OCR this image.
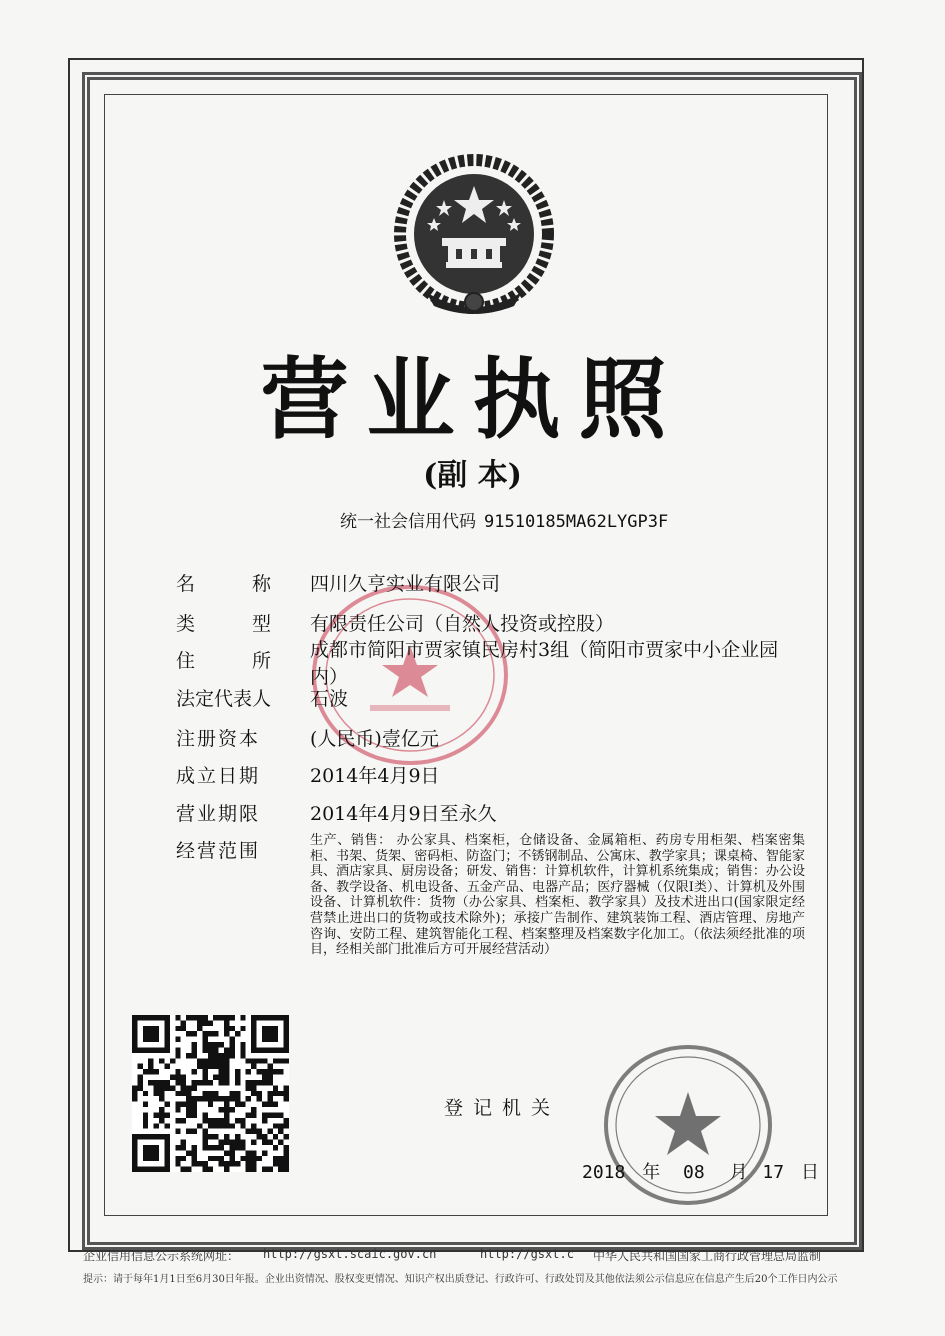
营业执照
(副 本)
统一社会信用代码 91510185MA62LYGP3F
名　　　称	四川久亨实业有限公司
类　　　型	有限责任公司（自然人投资或控股）
住　　　所	成都市简阳市贾家镇民房村3组（简阳市贾家中小企业园内）
法定代表人	石波
注册资本	(人民币)壹亿元
成立日期	2014年4月9日
营业期限	2014年4月9日至永久
经营范围	生产、销售： 办公家具、档案柜，仓储设备、金属箱柜、药房专用柜架、档案密集柜、书架、货架、密码柜、防盗门；不锈钢制品、公寓床、教学家具；课桌椅、智能家具、酒店家具、厨房设备；研发、销售：计算机软件，计算机系统集成；销售：办公设备、教学设备、机电设备、五金产品、电器产品；医疗器械（仅限I类）、计算机及外围设备、计算机软件：货物（办公家具、档案柜、教学家具）及技术进出口(国家限定经营禁止进出口的货物或技术除外)；承接广告制作、建筑装饰工程、酒店管理、房地产咨询、安防工程、建筑智能化工程、档案整理及档案数字化加工。（依法须经批准的项目，经相关部门批准后方可开展经营活动）
登记机关
2018 年 08 月 17 日
企业信用信息公示系统网址： http://gsxt.scaic.gov.cn	http://gsxt.c 中华人民共和国国家工商行政管理总局监制
提示：请于每年1月1日至6月30日年报。企业出资情况、股权变更情况、知识产权出质登记、行政许可、行政处罚及其他依法须公示信息应在信息产生后20个工作日内公示
